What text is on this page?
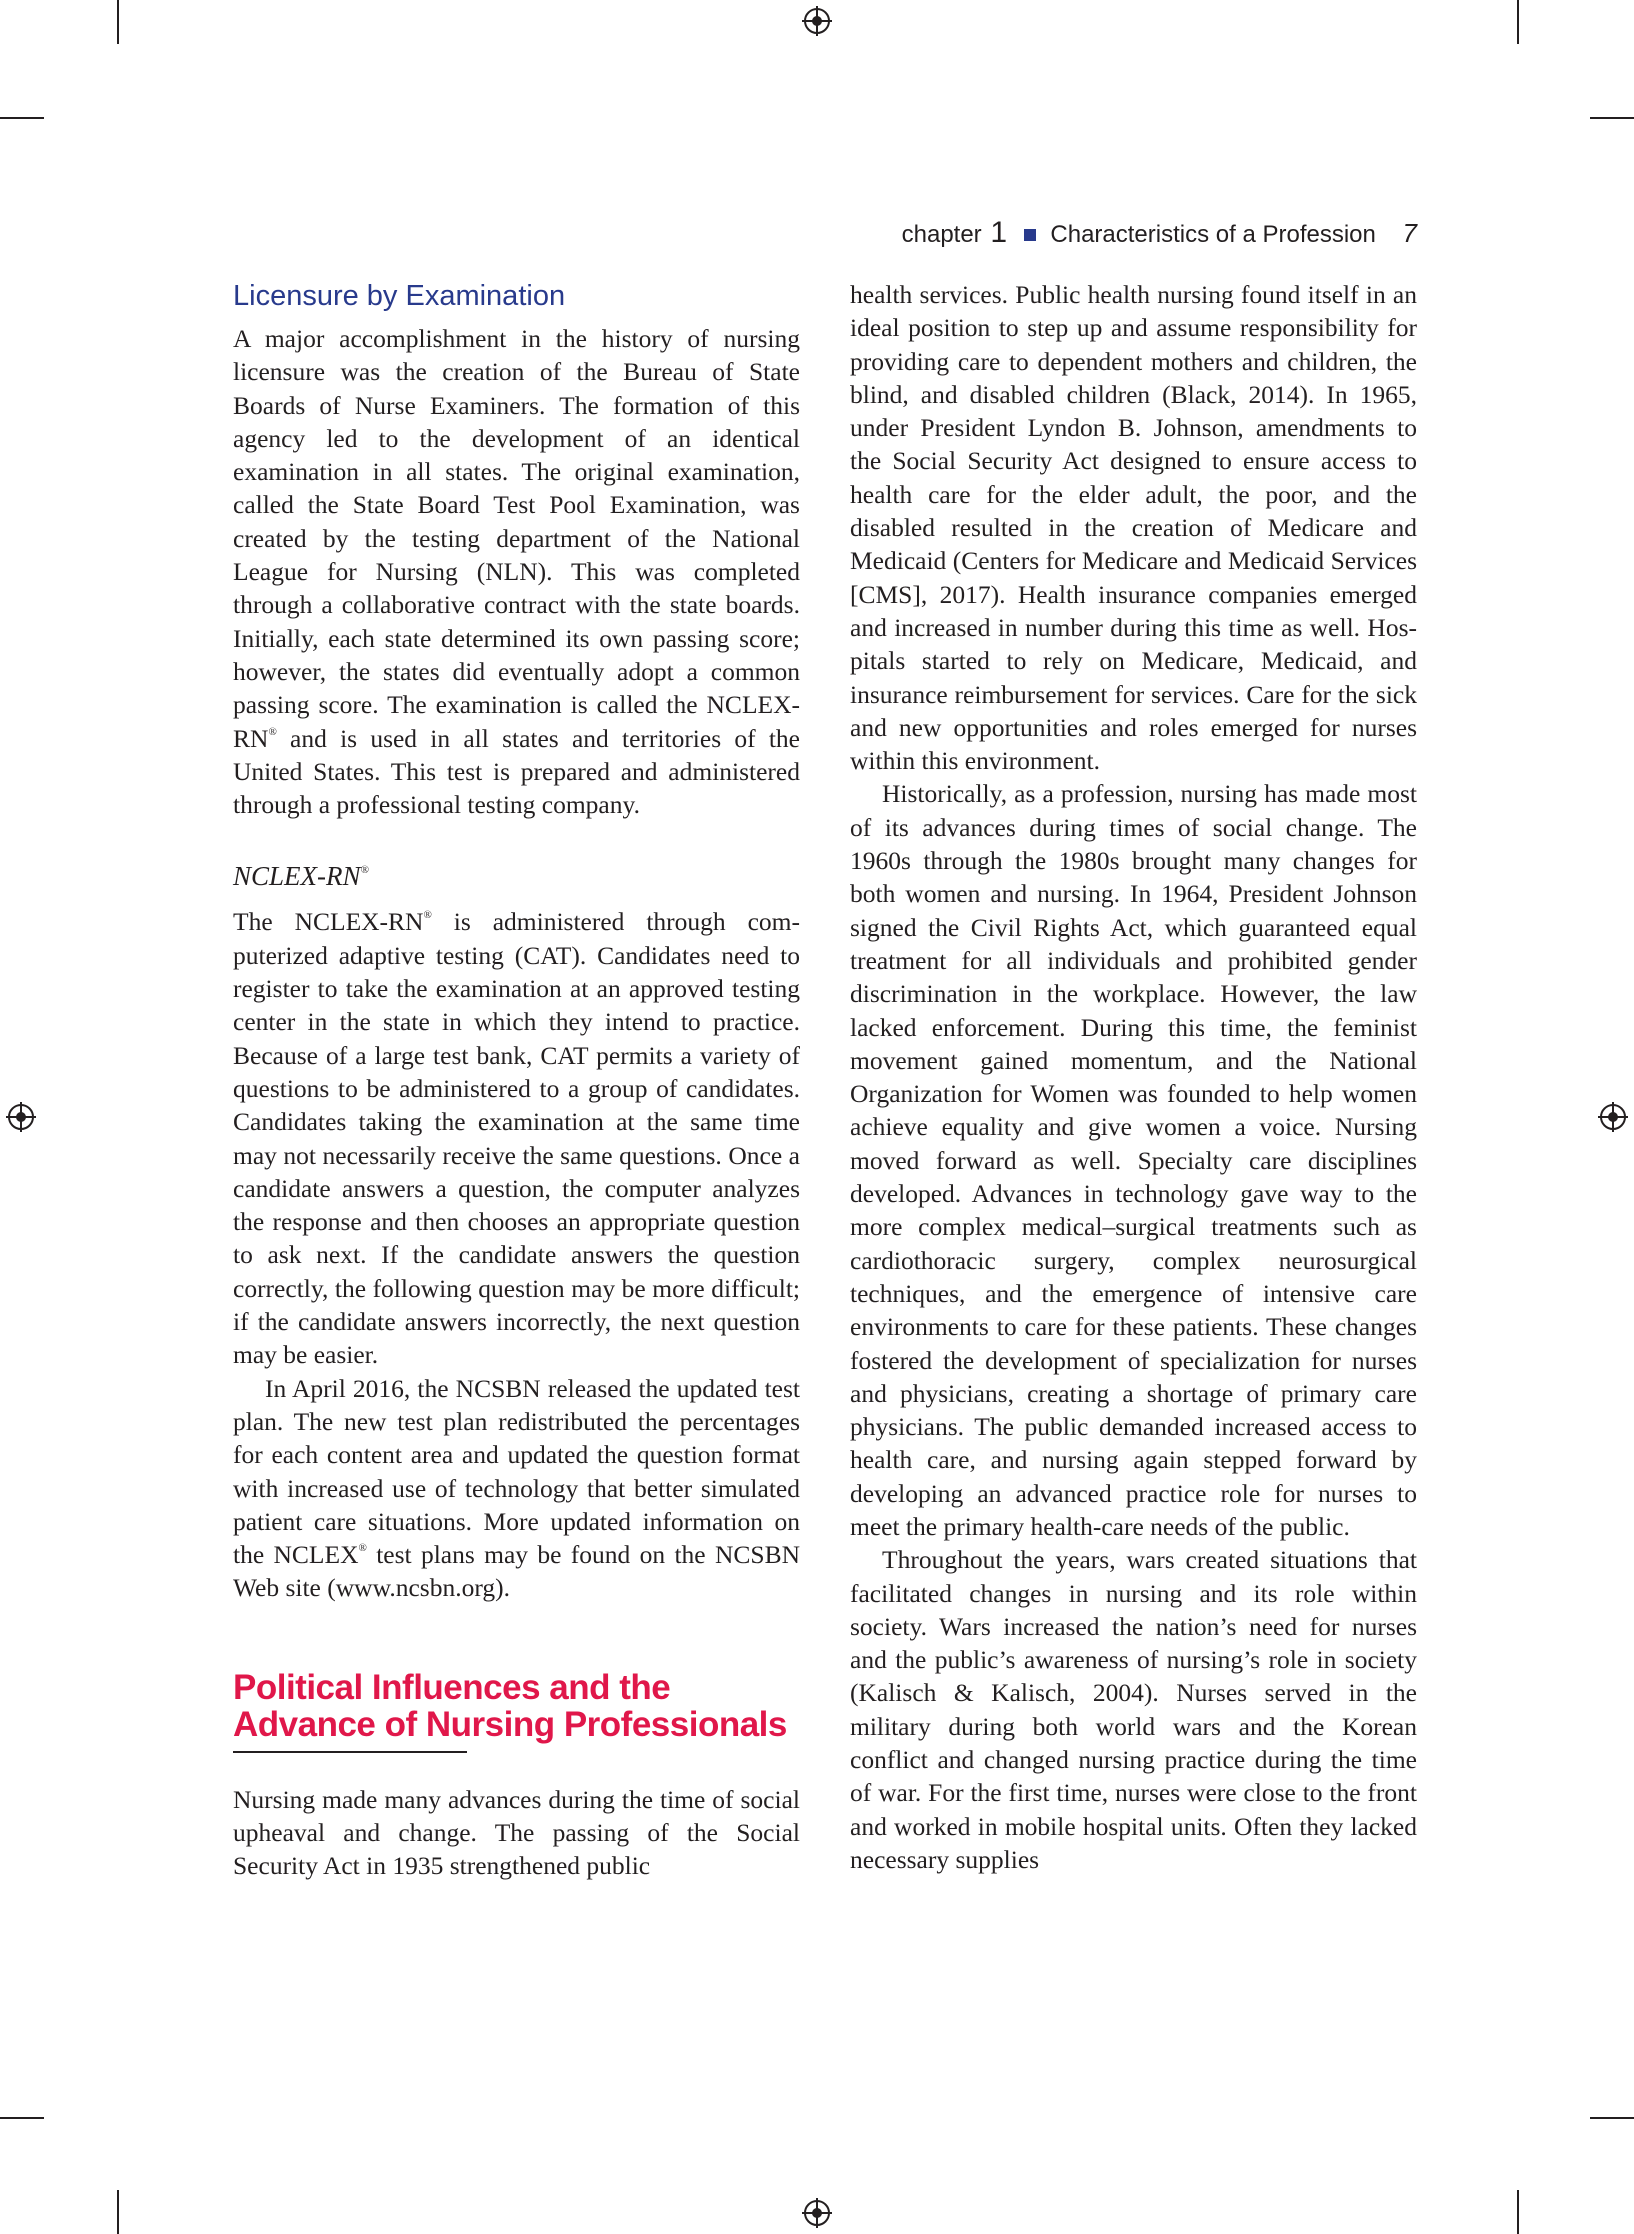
chapter 1 Characteristics of a Profession 7
Licensure by Examination

A major accomplishment in the history of nursing licensure was the creation of the Bureau of State Boards of Nurse Examiners. The formation of this agency led to the development of an identical examination in all states. The original examination, called the State Board Test Pool Examination, was created by the testing department of the National League for Nursing (NLN). This was completed through a collaborative contract with the state boards. Initially, each state determined its own passing score; however, the states did eventually adopt a common passing score. The examination is called the NCLEX-RN® and is used in all states and territories of the United States. This test is prepared and administered through a professional testing company.

NCLEX-RN®

The NCLEX-RN® is administered through computerized adaptive testing (CAT). Candidates need to register to take the examination at an approved testing center in the state in which they intend to practice. Because of a large test bank, CAT permits a variety of questions to be administered to a group of candidates. Candidates taking the examination at the same time may not necessarily receive the same questions. Once a candidate answers a question, the computer analyzes the response and then chooses an appropriate question to ask next. If the candidate answers the question correctly, the following question may be more difficult; if the candidate answers incorrectly, the next question may be easier.

In April 2016, the NCSBN released the updated test plan. The new test plan redistributed the percentages for each content area and updated the question format with increased use of technology that better simulated patient care situations. More updated information on the NCLEX® test plans may be found on the NCSBN Web site (www.ncsbn.org).

Political Influences and the Advance of Nursing Professionals

Nursing made many advances during the time of social upheaval and change. The passing of the Social Security Act in 1935 strengthened public

health services. Public health nursing found itself in an ideal position to step up and assume responsibility for providing care to dependent mothers and children, the blind, and disabled children (Black, 2014). In 1965, under President Lyndon B. Johnson, amendments to the Social Security Act designed to ensure access to health care for the elder adult, the poor, and the disabled resulted in the creation of Medicare and Medicaid (Centers for Medicare and Medicaid Services [CMS], 2017). Health insurance companies emerged and increased in number during this time as well. Hospitals started to rely on Medicare, Medicaid, and insurance reimbursement for services. Care for the sick and new opportunities and roles emerged for nurses within this environment.

Historically, as a profession, nursing has made most of its advances during times of social change. The 1960s through the 1980s brought many changes for both women and nursing. In 1964, President Johnson signed the Civil Rights Act, which guaranteed equal treatment for all individuals and prohibited gender discrimination in the workplace. However, the law lacked enforcement. During this time, the feminist movement gained momentum, and the National Organization for Women was founded to help women achieve equality and give women a voice. Nursing moved forward as well. Specialty care disciplines developed. Advances in technology gave way to the more complex medical–surgical treatments such as cardiothoracic surgery, complex neurosurgical techniques, and the emergence of intensive care environments to care for these patients. These changes fostered the development of specialization for nurses and physicians, creating a shortage of primary care physicians. The public demanded increased access to health care, and nursing again stepped forward by developing an advanced practice role for nurses to meet the primary health-care needs of the public.

Throughout the years, wars created situations that facilitated changes in nursing and its role within society. Wars increased the nation’s need for nurses and the public’s awareness of nursing’s role in society (Kalisch & Kalisch, 2004). Nurses served in the military during both world wars and the Korean conflict and changed nursing practice during the time of war. For the first time, nurses were close to the front and worked in mobile hospital units. Often they lacked necessary supplies
